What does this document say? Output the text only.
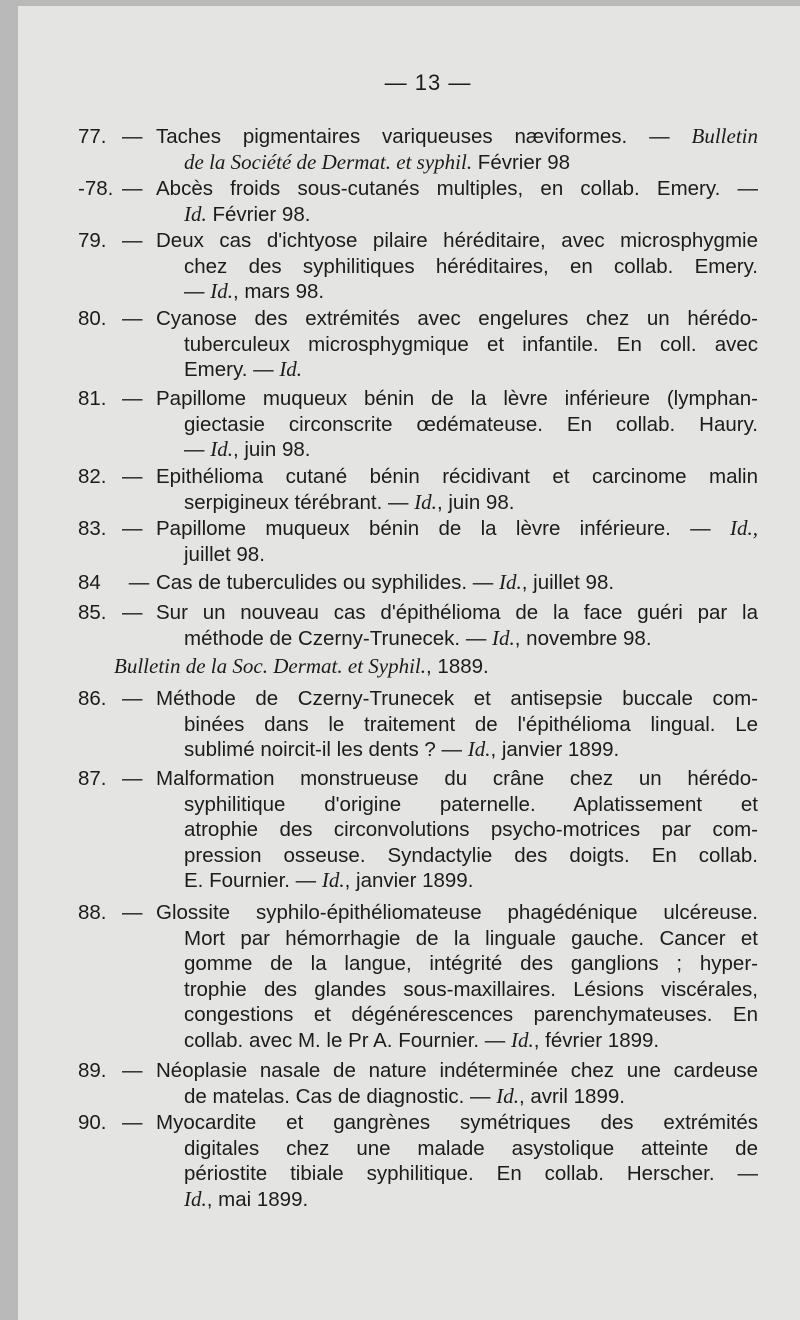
— 13 —
77. — Taches pigmentaires variqueuses næviformes. — Bulletin
de la Société de Dermat. et syphil. Février 98
-78. — Abcès froids sous-cutanés multiples, en collab. Emery. —
Id. Février 98.
79. — Deux cas d'ichtyose pilaire héréditaire, avec microsphygmie
chez des syphilitiques héréditaires, en collab. Emery.
— Id., mars 98.
80. — Cyanose des extrémités avec engelures chez un hérédo-
tuberculeux microsphygmique et infantile. En coll. avec
Emery. — Id.
81. — Papillome muqueux bénin de la lèvre inférieure (lymphan-
giectasie circonscrite œdémateuse. En collab. Haury.
— Id., juin 98.
82. — Epithélioma cutané bénin récidivant et carcinome malin
serpigineux térébrant. — Id., juin 98.
83. — Papillome muqueux bénin de la lèvre inférieure. — Id.,
juillet 98.
84 — Cas de tuberculides ou syphilides. — Id., juillet 98.
85. — Sur un nouveau cas d'épithélioma de la face guéri par la
méthode de Czerny-Trunecek. — Id., novembre 98.
Bulletin de la Soc. Dermat. et Syphil., 1889.
86. — Méthode de Czerny-Trunecek et antisepsie buccale com-
binées dans le traitement de l'épithélioma lingual. Le
sublimé noircit-il les dents ? — Id., janvier 1899.
87. — Malformation monstrueuse du crâne chez un hérédo-
syphilitique d'origine paternelle. Aplatissement et
atrophie des circonvolutions psycho-motrices par com-
pression osseuse. Syndactylie des doigts. En collab.
E. Fournier. — Id., janvier 1899.
88. — Glossite syphilo-épithéliomateuse phagédénique ulcéreuse.
Mort par hémorrhagie de la linguale gauche. Cancer et
gomme de la langue, intégrité des ganglions ; hyper-
trophie des glandes sous-maxillaires. Lésions viscérales,
congestions et dégénérescences parenchymateuses. En
collab. avec M. le Pr A. Fournier. — Id., février 1899.
89. — Néoplasie nasale de nature indéterminée chez une cardeuse
de matelas. Cas de diagnostic. — Id., avril 1899.
90. — Myocardite et gangrènes symétriques des extrémités
digitales chez une malade asystolique atteinte de
périostite tibiale syphilitique. En collab. Herscher. —
Id., mai 1899.
